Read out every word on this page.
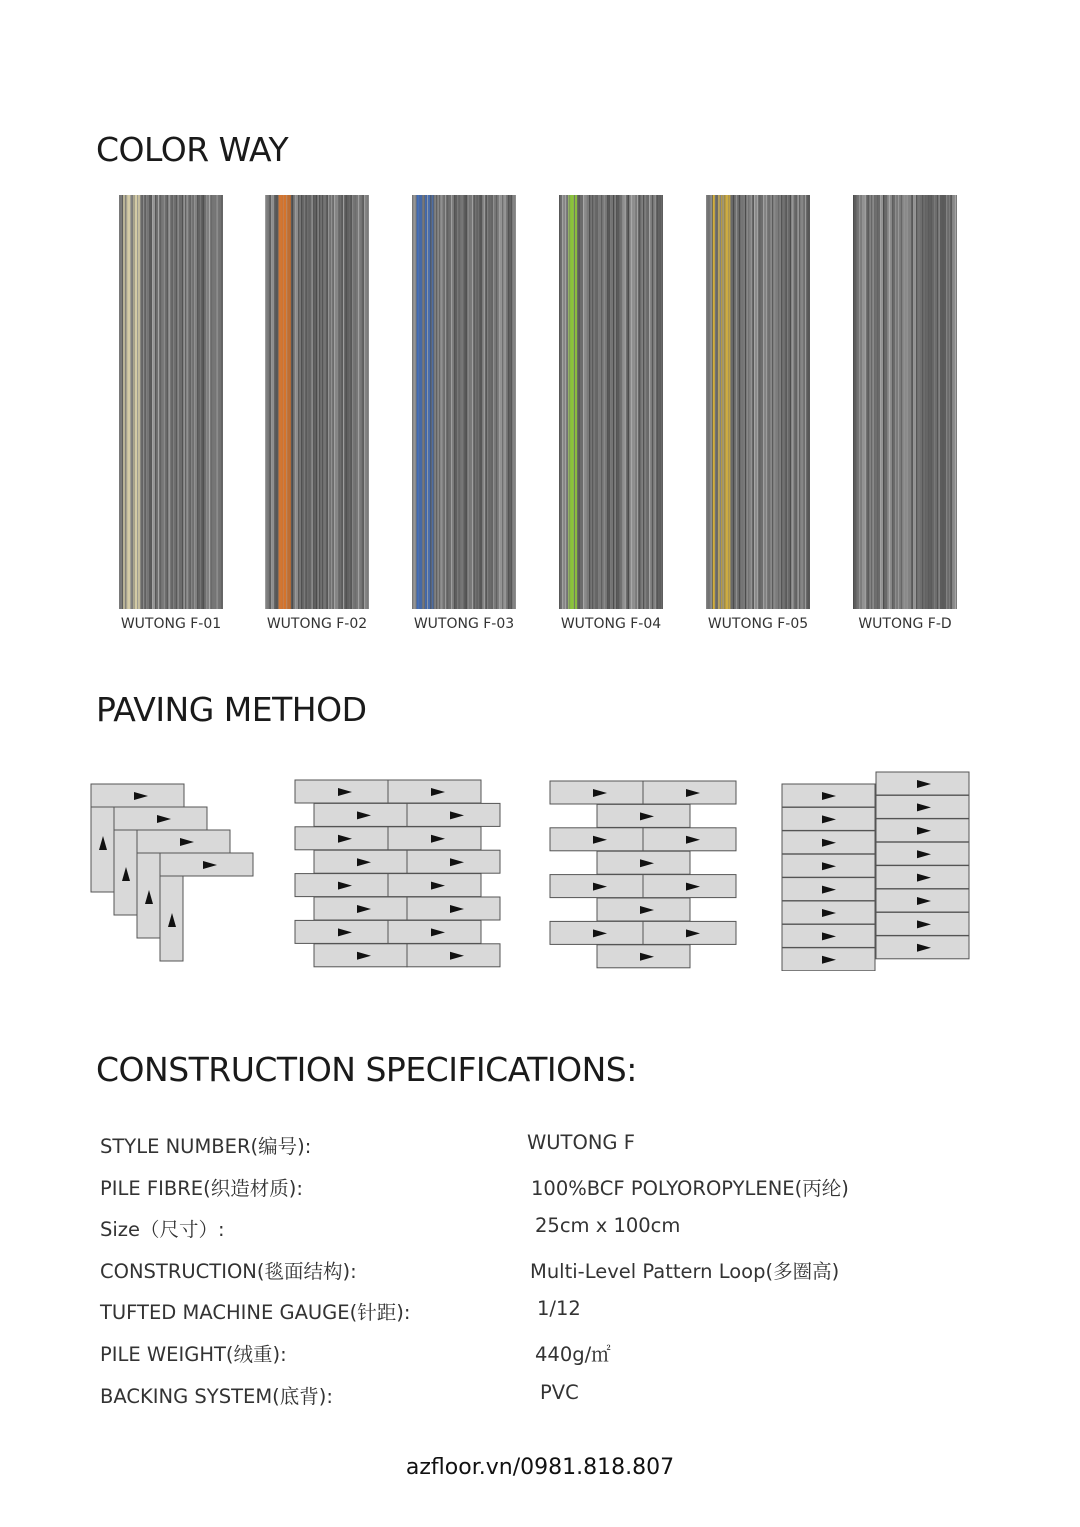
COLOR WAY
WUTONG F-01	WUTONG F-02	WUTONG F-03	WUTONG F-04	WUTONG F-05	WUTONG F-D
PAVING METHOD
CONSTRUCTION SPECIFICATIONS:
STYLE NUMBER(编号):	WUTONG F
PILE FIBRE(织造材质):	100%BCF POLYOROPYLENE(丙纶)
Size（尺寸）:	25cm x 100cm
CONSTRUCTION(毯面结构):	Multi-Level Pattern Loop(多圈高)
TUFTED MACHINE GAUGE(针距):	1/12
PILE WEIGHT(绒重):	440g/㎡
BACKING SYSTEM(底背):	PVC
azfloor.vn/0981.818.807
